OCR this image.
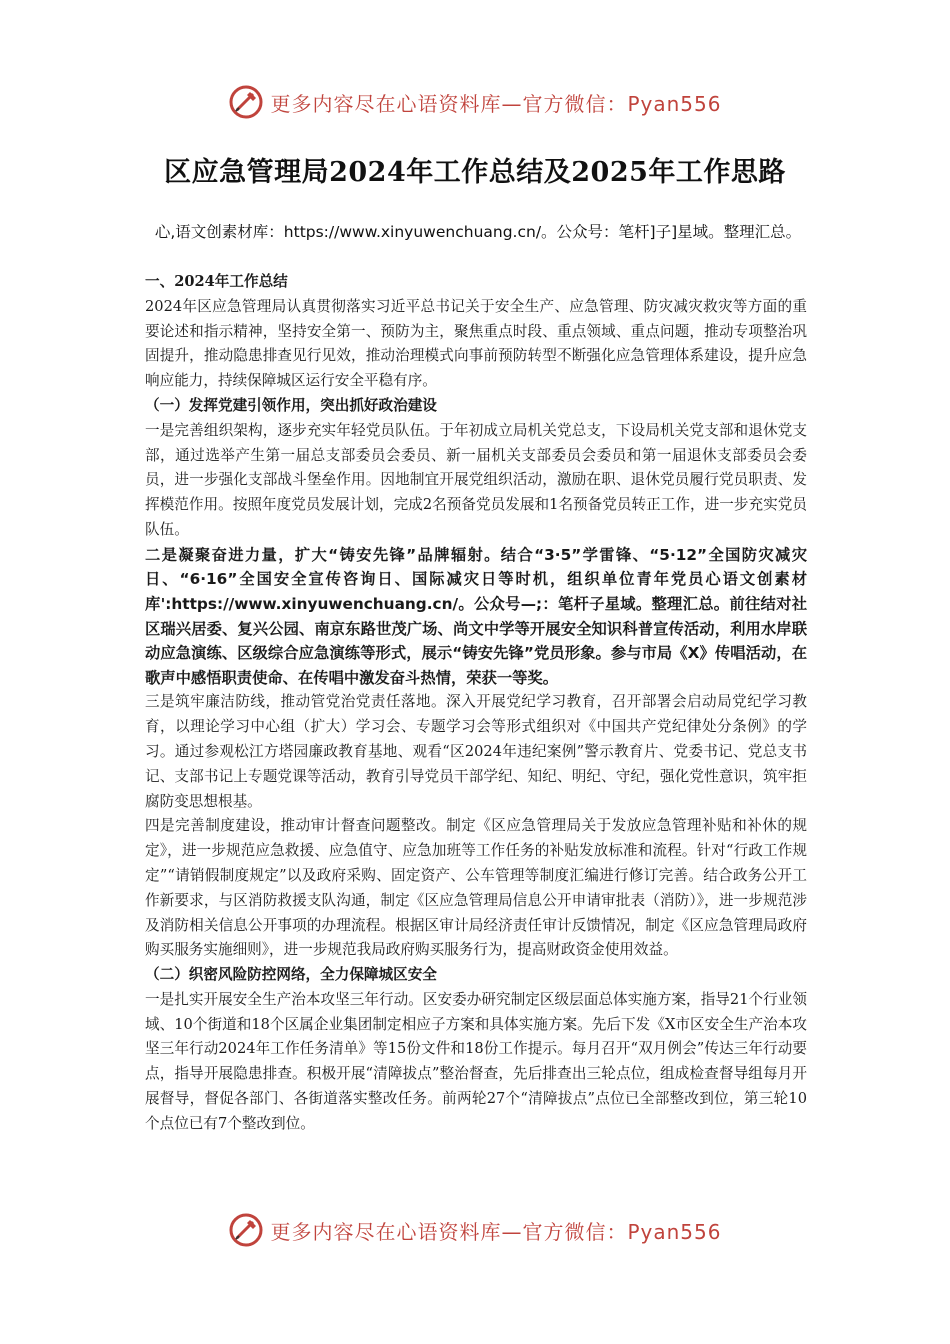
更多内容尽在心语资料库—官方微信：Pyan556
区应急管理局2024年工作总结及2025年工作思路
心,语文创素材库：https://www.xinyuwenchuang.cn/。公众号：笔杆]子]星域。整理汇总。

一、2024年工作总结

2024年区应急管理局认真贯彻落实习近平总书记关于安全生产、应急管理、防灾减灾救灾等方面的重要论述和指示精神，坚持安全第一、预防为主，聚焦重点时段、重点领域、重点问题，推动专项整治巩固提升，推动隐患排查见行见效，推动治理模式向事前预防转型不断强化应急管理体系建设，提升应急响应能力，持续保障城区运行安全平稳有序。

（一）发挥党建引领作用，突出抓好政治建设

一是完善组织架构，逐步充实年轻党员队伍。于年初成立局机关党总支，下设局机关党支部和退休党支部，通过选举产生第一届总支部委员会委员、新一届机关支部委员会委员和第一届退休支部委员会委员，进一步强化支部战斗堡垒作用。因地制宜开展党组织活动，激励在职、退休党员履行党员职责、发挥模范作用。按照年度党员发展计划，完成2名预备党员发展和1名预备党员转正工作，进一步充实党员队伍。

二是凝聚奋进力量，扩大“铸安先锋”品牌辐射。结合“3·5”学雷锋、“5·12”全国防灾减灾日、“6·16”全国安全宣传咨询日、国际减灾日等时机，组织单位青年党员心语文创素材库':https://www.xinyuwenchuang.cn/。公众号—;：笔杆子星域。整理汇总。前往结对社区瑞兴居委、复兴公园、南京东路世茂广场、尚文中学等开展安全知识科普宣传活动，利用水岸联动应急演练、区级综合应急演练等形式，展示“铸安先锋”党员形象。参与市局《X》传唱活动，在歌声中感悟职责使命、在传唱中激发奋斗热情，荣获一等奖。

三是筑牢廉洁防线，推动管党治党责任落地。深入开展党纪学习教育，召开部署会启动局党纪学习教育，以理论学习中心组（扩大）学习会、专题学习会等形式组织对《中国共产党纪律处分条例》的学习。通过参观松江方塔园廉政教育基地、观看“区2024年违纪案例”警示教育片、党委书记、党总支书记、支部书记上专题党课等活动，教育引导党员干部学纪、知纪、明纪、守纪，强化党性意识，筑牢拒腐防变思想根基。

四是完善制度建设，推动审计督查问题整改。制定《区应急管理局关于发放应急管理补贴和补休的规定》，进一步规范应急救援、应急值守、应急加班等工作任务的补贴发放标准和流程。针对“行政工作规定”“请销假制度规定”以及政府采购、固定资产、公车管理等制度汇编进行修订完善。结合政务公开工作新要求，与区消防救援支队沟通，制定《区应急管理局信息公开申请审批表（消防）》，进一步规范涉及消防相关信息公开事项的办理流程。根据区审计局经济责任审计反馈情况，制定《区应急管理局政府购买服务实施细则》，进一步规范我局政府购买服务行为，提高财政资金使用效益。

（二）织密风险防控网络，全力保障城区安全

一是扎实开展安全生产治本攻坚三年行动。区安委办研究制定区级层面总体实施方案，指导21个行业领域、10个街道和18个区属企业集团制定相应子方案和具体实施方案。先后下发《X市区安全生产治本攻坚三年行动2024年工作任务清单》等15份文件和18份工作提示。每月召开“双月例会”传达三年行动要点，指导开展隐患排查。积极开展“清障拔点”整治督查，先后排查出三轮点位，组成检查督导组每月开展督导，督促各部门、各街道落实整改任务。前两轮27个“清障拔点”点位已全部整改到位，第三轮10个点位已有7个整改到位。

更多内容尽在心语资料库—官方微信：Pyan556
